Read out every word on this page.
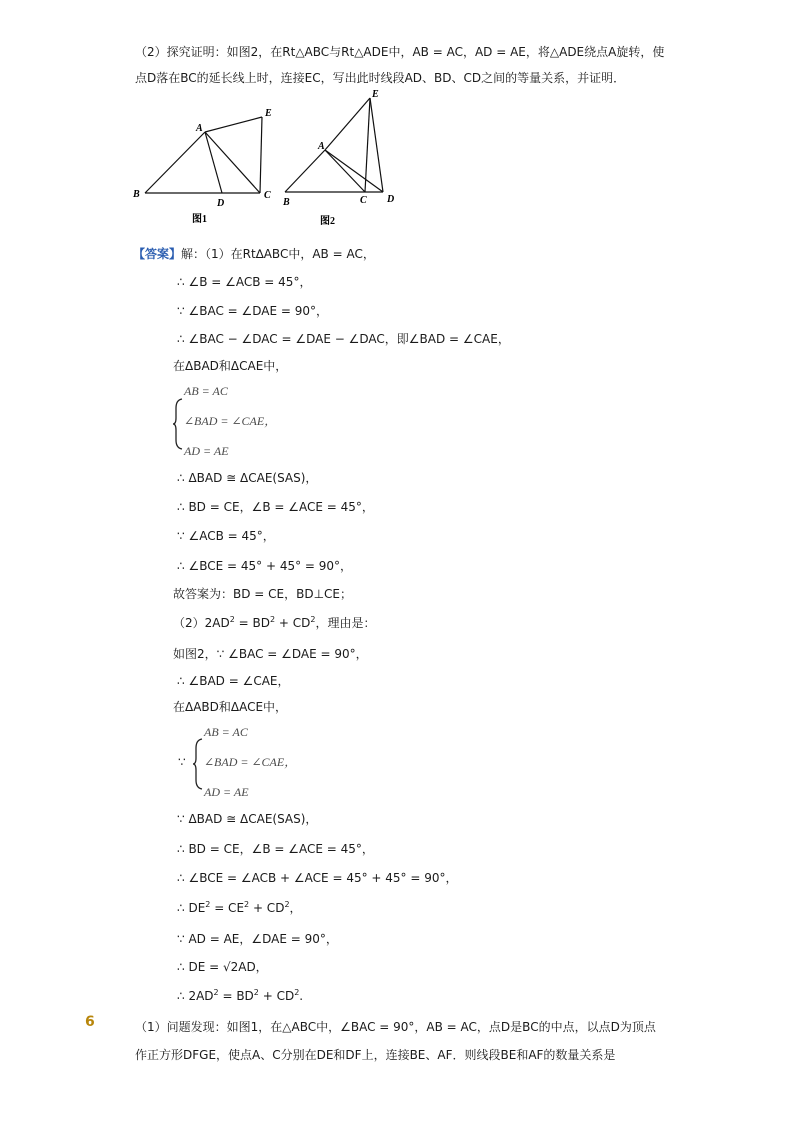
（2）探究证明：如图2，在Rt△ABC与Rt△ADE中，AB = AC，AD = AE，将△ADE绕点A旋转，使
点D落在BC的延长线上时，连接EC，写出此时线段AD、BD、CD之间的等量关系，并证明．
A
B	C
D
E
图1
A
B	C D
E
图2
【答案】解：（1）在Rt∆ABC中，AB = AC，
∴ ∠B = ∠ACB = 45°，
∵ ∠BAC = ∠DAE = 90°，
∴ ∠BAC − ∠DAC = ∠DAE − ∠DAC，即∠BAD = ∠CAE，
在ΔBAD和ΔCAE中，
AB = AC
∠BAD = ∠CAE，
AD = AE
∴ ΔBAD ≅ ΔCAE(SAS)，
∴ BD = CE，∠B = ∠ACE = 45°，
∵ ∠ACB = 45°，
∴ ∠BCE = 45° + 45° = 90°，
故答案为：BD = CE，BD⊥CE；
$(2)2AD^2 = BD^2 + CD^2$，理由是：
如图2，∵ ∠BAC = ∠DAE = 90°，
∴ ∠BAD = ∠CAE，
在ΔABD和ΔACE中，
∵
AB = AC
∠BAD = ∠CAE，
AD = AE
∵ ΔBAD ≅ ΔCAE(SAS)，
∴ BD = CE，∠B = ∠ACE = 45°，
∴ ∠BCE = ∠ACB + ∠ACE = 45° + 45° = 90°，
∴ $DE^2 = CE^2 + CD^2$，
∵ AD = AE，∠DAE = 90°，
∴ DE = √2AD，
∴ $2AD^2 = BD^2 + CD^2$.
6	（1）问题发现：如图1，在△ABC中，∠BAC = 90°，AB = AC，点D是BC的中点，以点D为顶点
作正方形DFGE，使点A、C分别在DE和DF上，连接BE、AF．则线段BE和AF的数量关系是
